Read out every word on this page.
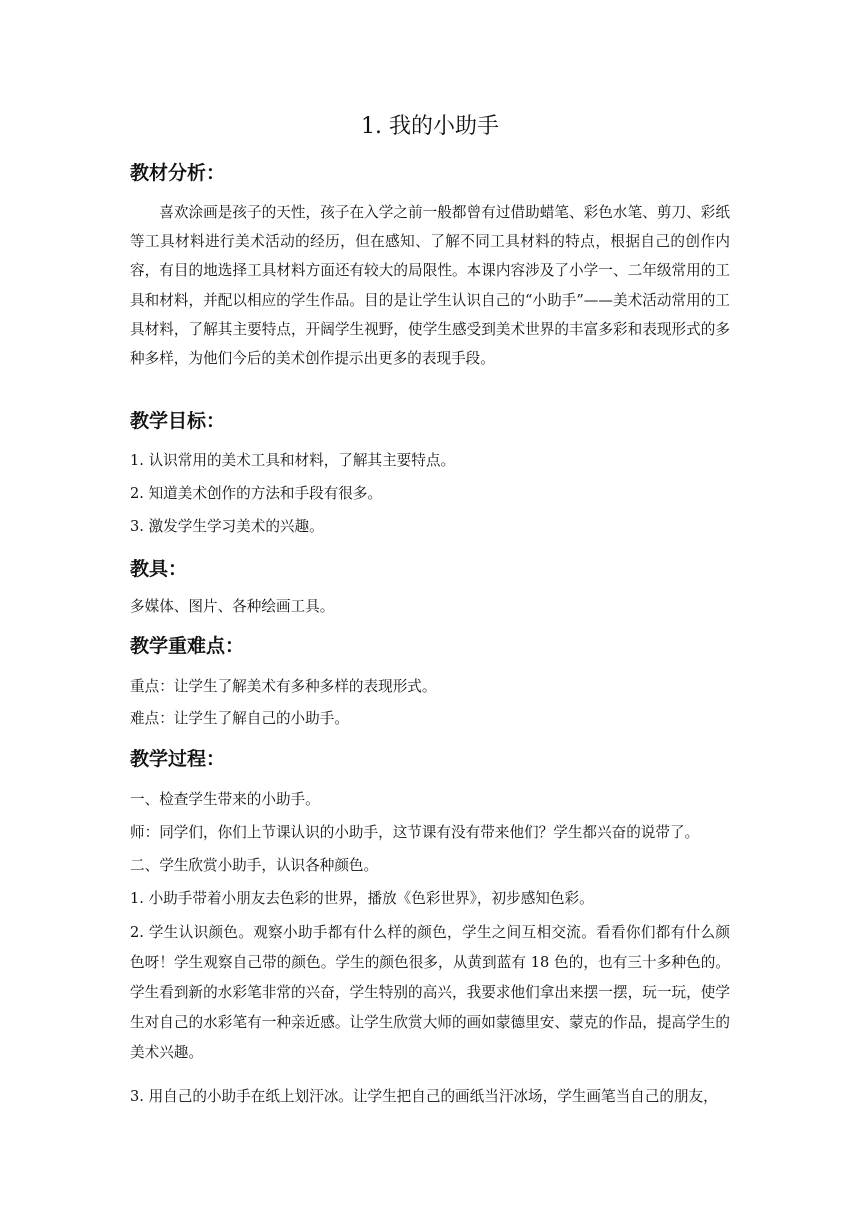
1. 我的小助手
教材分析：

喜欢涂画是孩子的天性，孩子在入学之前一般都曾有过借助蜡笔、彩色水笔、剪刀、彩纸等工具材料进行美术活动的经历，但在感知、了解不同工具材料的特点，根据自己的创作内容，有目的地选择工具材料方面还有较大的局限性。本课内容涉及了小学一、二年级常用的工具和材料，并配以相应的学生作品。目的是让学生认识自己的“小助手”——美术活动常用的工具材料，了解其主要特点，开阔学生视野，使学生感受到美术世界的丰富多彩和表现形式的多种多样，为他们今后的美术创作提示出更多的表现手段。

教学目标：

1. 认识常用的美术工具和材料，了解其主要特点。

2. 知道美术创作的方法和手段有很多。

3. 激发学生学习美术的兴趣。

教具：

多媒体、图片、各种绘画工具。

教学重难点：

重点：让学生了解美术有多种多样的表现形式。

难点：让学生了解自己的小助手。

教学过程：

一、检查学生带来的小助手。

师：同学们，你们上节课认识的小助手，这节课有没有带来他们？学生都兴奋的说带了。

二、学生欣赏小助手，认识各种颜色。

1. 小助手带着小朋友去色彩的世界，播放《色彩世界》，初步感知色彩。

2. 学生认识颜色。观察小助手都有什么样的颜色，学生之间互相交流。看看你们都有什么颜色呀！学生观察自己带的颜色。学生的颜色很多，从黄到蓝有 18 色的，也有三十多种色的。学生看到新的水彩笔非常的兴奋，学生特别的高兴，我要求他们拿出来摆一摆，玩一玩，使学生对自己的水彩笔有一种亲近感。让学生欣赏大师的画如蒙德里安、蒙克的作品，提高学生的美术兴趣。

3. 用自己的小助手在纸上划汗冰。让学生把自己的画纸当汗冰场，学生画笔当自己的朋友，
